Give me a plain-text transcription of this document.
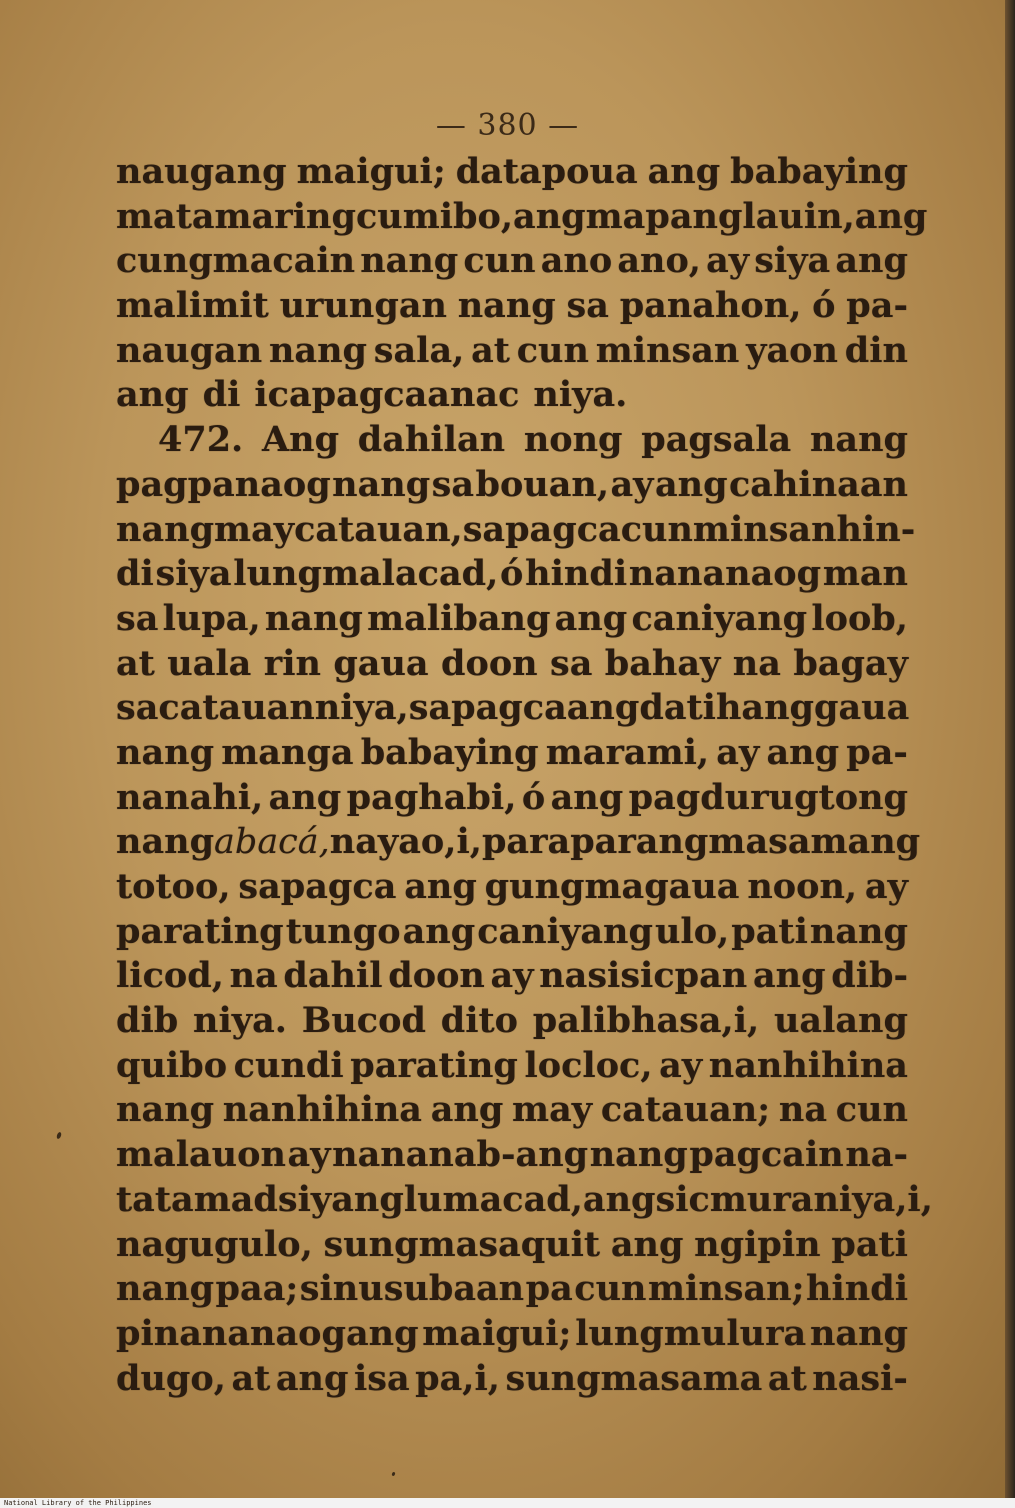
— 380 —
naugang maigui; datapoua ang babaying
matamaring cumibo, ang mapanglauin, ang
cungmacain nang cun ano ano, ay siya ang
malimit urungan nang sa panahon, ó pa-
naugan nang sala, at cun minsan yaon din
ang di icapagcaanac niya.
472. Ang dahilan nong pagsala nang
pagpanaog nang sa bouan, ay ang cahinaan
nang may catauan, sapagca cun minsan hin-
di siya lungmalacad, ó hindi nananaog man
sa lupa, nang malibang ang caniyang loob,
at uala rin gaua doon sa bahay na bagay
sa catauan niya, sapagca ang datihang gaua
nang manga babaying marami, ay ang pa-
nanahi, ang paghabi, ó ang pagdurugtong
nang abacá, na yao,i, paraparang masamang
totoo, sapagca ang gungmagaua noon, ay
parating tungo ang caniyang ulo, pati nang
licod, na dahil doon ay nasisicpan ang dib-
dib niya. Bucod dito palibhasa,i, ualang
quibo cundi parating locloc, ay nanhihina
nang nanhihina ang may catauan; na cun
malauon ay nananab-ang nang pagcain na-
tatamad siyang lumacad, ang sicmura niya,i,
nagugulo, sungmasaquit ang ngipin pati
nang paa; sinusubaan pa cun minsan; hindi
pinananaogang maigui; lungmulura nang
dugo, at ang isa pa,i, sungmasama at nasi-
National Library of the Philippines
